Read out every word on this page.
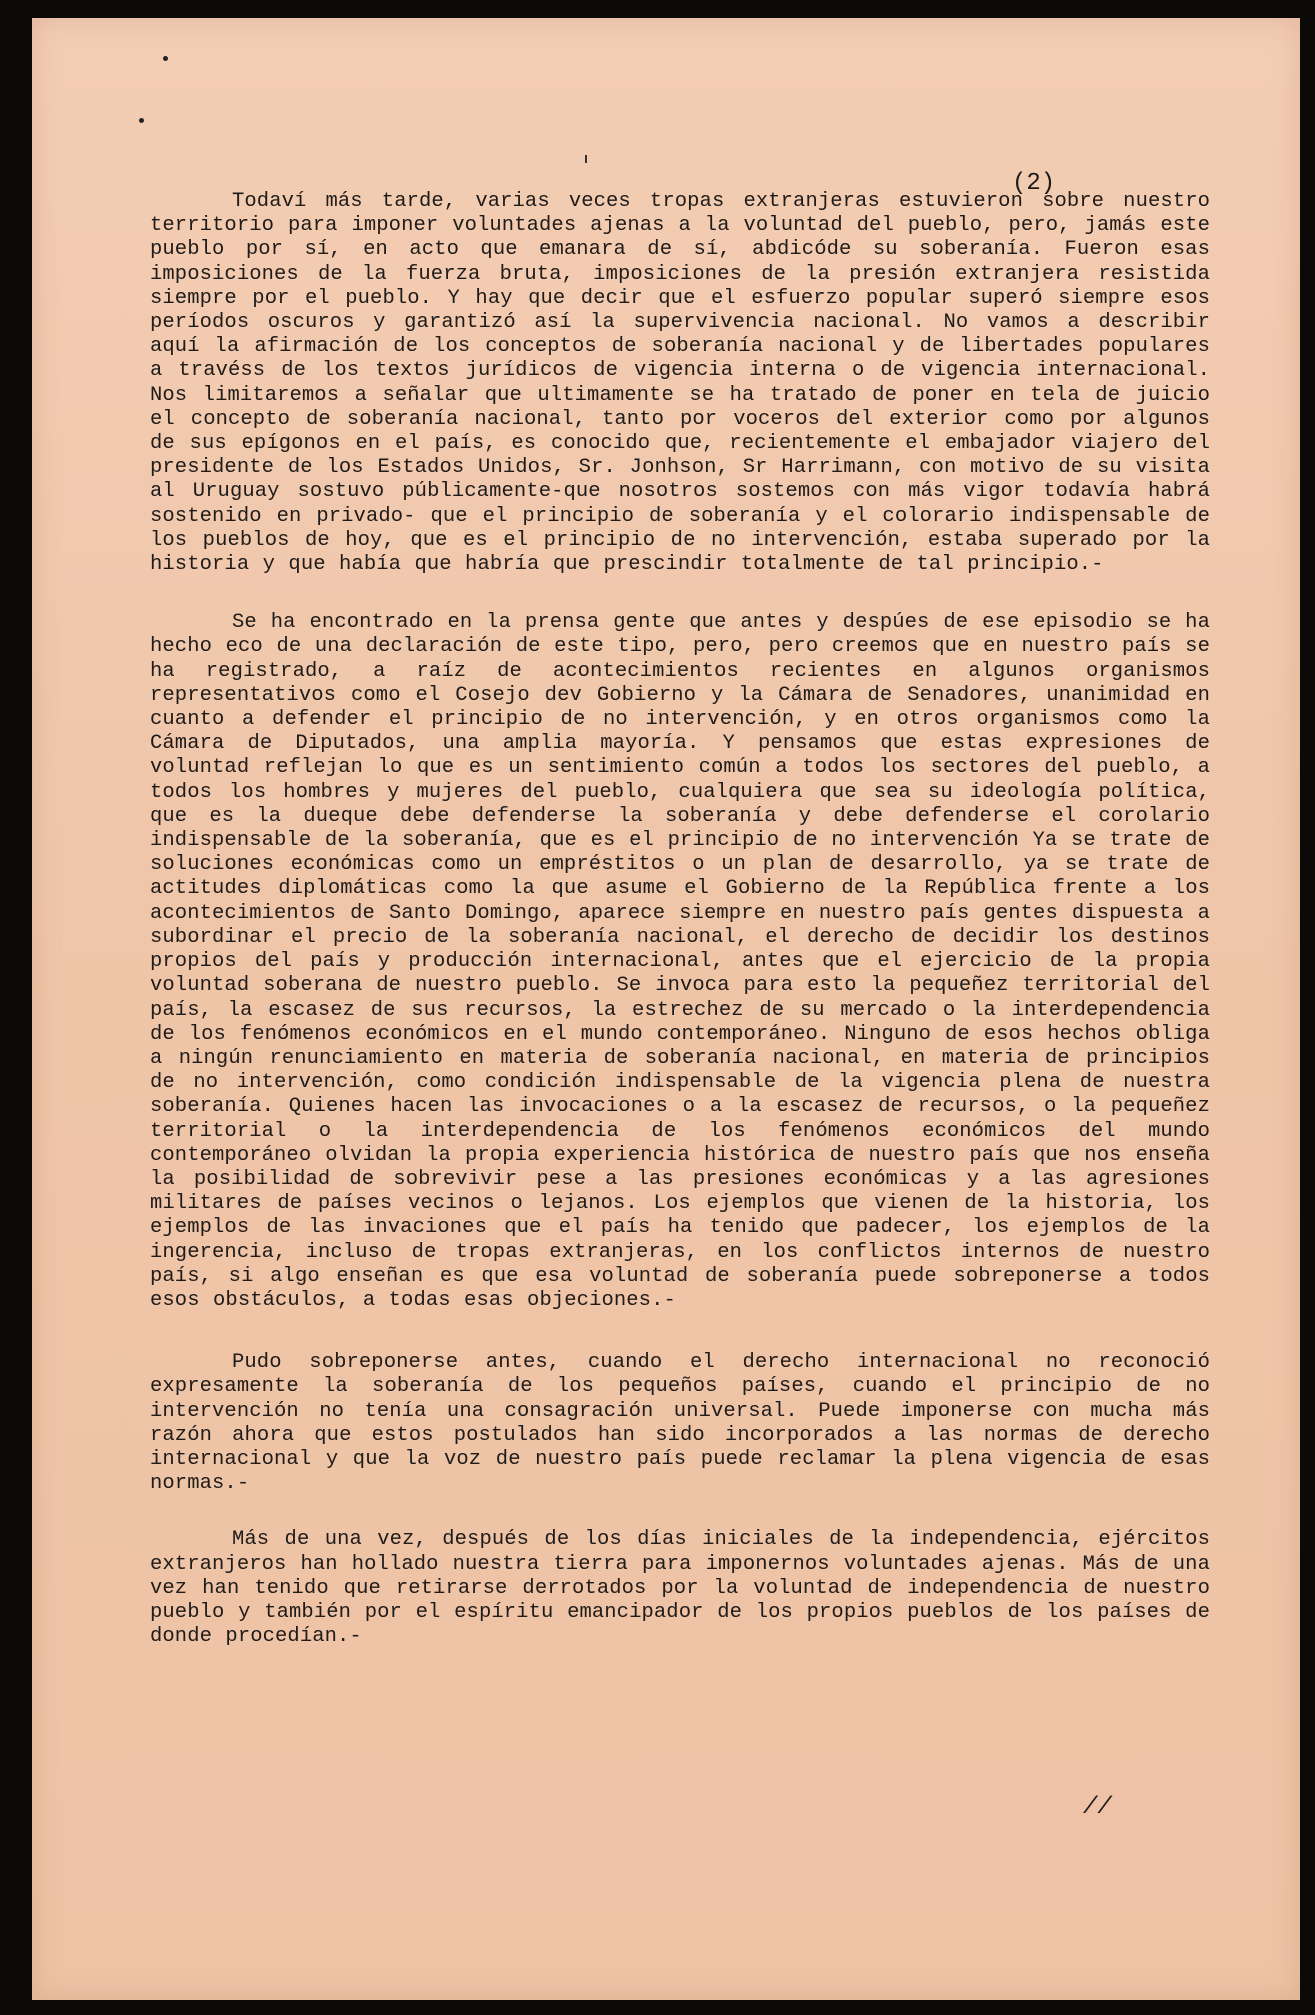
(2)

Todaví más tarde, varias veces tropas extranjeras estuvieron sobre nuestro territorio para imponer voluntades ajenas a la voluntad del pueblo, pero, jamás este pueblo por sí, en acto que emanara de sí, abdicóde su soberanía. Fueron esas imposiciones de la fuerza bruta, imposiciones de la presión extranjera resistida siempre por el pueblo. Y hay que decir que el esfuerzo popular superó siempre esos períodos oscuros y garantizó así la supervivencia nacional. No vamos a describir aquí la afirmación de los conceptos de soberanía nacional y de libertades populares a travéss de los textos jurídicos de vigencia interna o de vigencia internacional. Nos limitaremos a señalar que ultimamente se ha tratado de poner en tela de juicio el concepto de soberanía nacional, tanto por voceros del exterior como por algunos de sus epígonos en el país, es conocido que, recientemente el embajador viajero del presidente de los Estados Unidos, Sr. Jonhson, Sr Harrimann, con motivo de su visita al Uruguay sostuvo públicamente-que nosotros sostemos con más vigor todavía habrá sostenido en privado- que el principio de soberanía y el colorario indispensable de los pueblos de hoy, que es el principio de no intervención, estaba superado por la historia y que había que habría que prescindir totalmente de tal principio.-

Se ha encontrado en la prensa gente que antes y despúes de ese episodio se ha hecho eco de una declaración de este tipo, pero, pero creemos que en nuestro país se ha registrado, a raíz de acontecimientos recientes en algunos organismos representativos como el Cosejo dev Gobierno y la Cámara de Senadores, unanimidad en cuanto a defender el principio de no intervención, y en otros organismos como la Cámara de Diputados, una amplia mayoría. Y pensamos que estas expresiones de voluntad reflejan lo que es un sentimiento común a todos los sectores del pueblo, a todos los hombres y mujeres del pueblo, cualquiera que sea su ideología política, que es la dueque debe defenderse la soberanía y debe defenderse el corolario indispensable de la soberanía, que es el principio de no intervención Ya se trate de soluciones económicas como un empréstitos o un plan de desarrollo, ya se trate de actitudes diplomáticas como la que asume el Gobierno de la República frente a los acontecimientos de Santo Domingo, aparece siempre en nuestro país gentes dispuesta a subordinar el precio de la soberanía nacional, el derecho de decidir los destinos propios del país y producción internacional, antes que el ejercicio de la propia voluntad soberana de nuestro pueblo. Se invoca para esto la pequeñez territorial del país, la escasez de sus recursos, la estrechez de su mercado o la interdependencia de los fenómenos económicos en el mundo contemporáneo. Ninguno de esos hechos obliga a ningún renunciamiento en materia de soberanía nacional, en materia de principios de no intervención, como condición indispensable de la vigencia plena de nuestra soberanía. Quienes hacen las invocaciones o a la escasez de recursos, o la pequeñez territorial o la interdependencia de los fenómenos económicos del mundo contemporáneo olvidan la propia experiencia histórica de nuestro país que nos enseña la posibilidad de sobrevivir pese a las presiones económicas y a las agresiones militares de países vecinos o lejanos. Los ejemplos que vienen de la historia, los ejemplos de las invaciones que el país ha tenido que padecer, los ejemplos de la ingerencia, incluso de tropas extranjeras, en los conflictos internos de nuestro país, si algo enseñan es que esa voluntad de soberanía puede sobreponerse a todos esos obstáculos, a todas esas objeciones.-

Pudo sobreponerse antes, cuando el derecho internacional no reconoció expresamente la soberanía de los pequeños países, cuando el principio de no intervención no tenía una consagración universal. Puede imponerse con mucha más razón ahora que estos postulados han sido incorporados a las normas de derecho internacional y que la voz de nuestro país puede reclamar la plena vigencia de esas normas.-

Más de una vez, después de los días iniciales de la independencia, ejércitos extranjeros han hollado nuestra tierra para imponernos voluntades ajenas. Más de una vez han tenido que retirarse derrotados por la voluntad de independencia de nuestro pueblo y también por el espíritu emancipador de los propios pueblos de los países de donde procedían.-

//
